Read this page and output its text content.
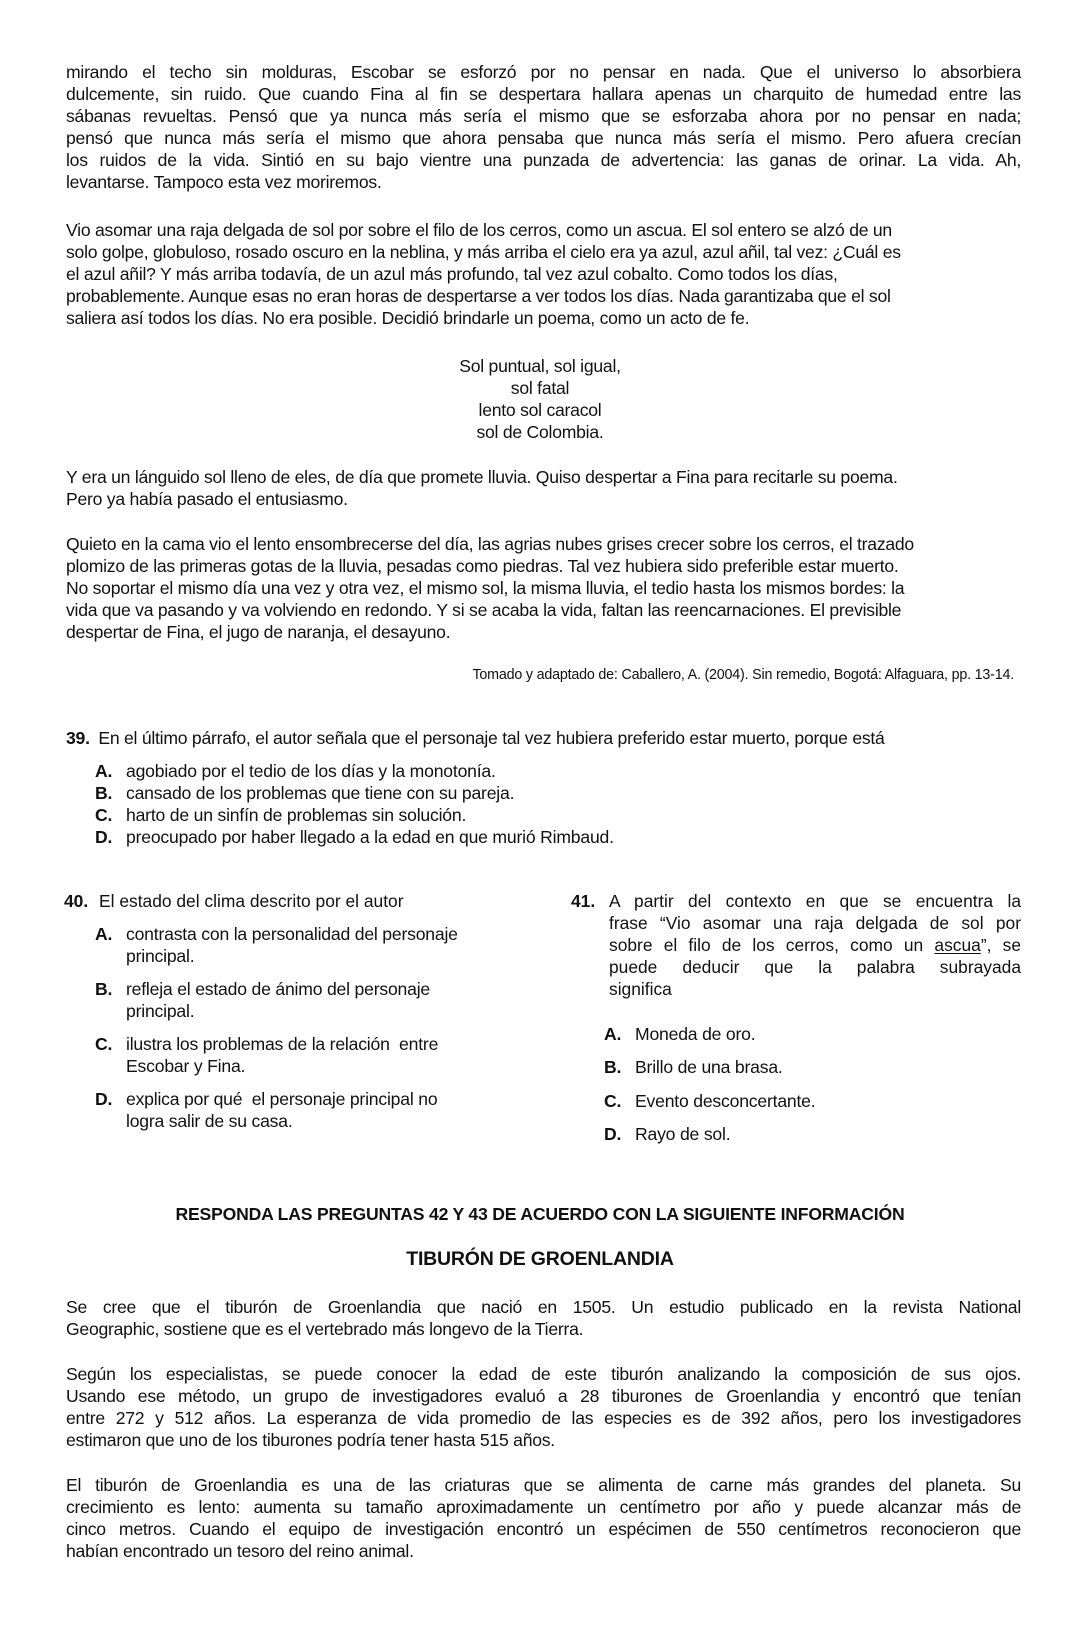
mirando el techo sin molduras, Escobar se esforzó por no pensar en nada. Que el universo lo absorbiera
dulcemente, sin ruido. Que cuando Fina al fin se despertara hallara apenas un charquito de humedad entre las
sábanas revueltas. Pensó que ya nunca más sería el mismo que se esforzaba ahora por no pensar en nada;
pensó que nunca más sería el mismo que ahora pensaba que nunca más sería el mismo. Pero afuera crecían
los ruidos de la vida. Sintió en su bajo vientre una punzada de advertencia: las ganas de orinar. La vida. Ah,
levantarse. Tampoco esta vez moriremos.
Vio asomar una raja delgada de sol por sobre el filo de los cerros, como un ascua. El sol entero se alzó de un
solo golpe, globuloso, rosado oscuro en la neblina, y más arriba el cielo era ya azul, azul añil, tal vez: ¿Cuál es
el azul añil? Y más arriba todavía, de un azul más profundo, tal vez azul cobalto. Como todos los días,
probablemente. Aunque esas no eran horas de despertarse a ver todos los días. Nada garantizaba que el sol
saliera así todos los días. No era posible. Decidió brindarle un poema, como un acto de fe.
Sol puntual, sol igual,
sol fatal
lento sol caracol
sol de Colombia.
Y era un lánguido sol lleno de eles, de día que promete lluvia. Quiso despertar a Fina para recitarle su poema.
Pero ya había pasado el entusiasmo.
Quieto en la cama vio el lento ensombrecerse del día, las agrias nubes grises crecer sobre los cerros, el trazado
plomizo de las primeras gotas de la lluvia, pesadas como piedras. Tal vez hubiera sido preferible estar muerto.
No soportar el mismo día una vez y otra vez, el mismo sol, la misma lluvia, el tedio hasta los mismos bordes: la
vida que va pasando y va volviendo en redondo. Y si se acaba la vida, faltan las reencarnaciones. El previsible
despertar de Fina, el jugo de naranja, el desayuno.
Tomado y adaptado de: Caballero, A. (2004). Sin remedio, Bogotá: Alfaguara, pp. 13-14.
39. En el último párrafo, el autor señala que el personaje tal vez hubiera preferido estar muerto, porque está
A. agobiado por el tedio de los días y la monotonía.
B. cansado de los problemas que tiene con su pareja.
C. harto de un sinfín de problemas sin solución.
D. preocupado por haber llegado a la edad en que murió Rimbaud.
40. El estado del clima descrito por el autor
A. contrasta con la personalidad del personaje
principal.
B. refleja el estado de ánimo del personaje
principal.
C. ilustra los problemas de la relación  entre
Escobar y Fina.
D. explica por qué  el personaje principal no
logra salir de su casa.
41. A partir del contexto en que se encuentra la
frase “Vio asomar una raja delgada de sol por
sobre el filo de los cerros, como un ascua”, se
puede deducir que la palabra subrayada
significa
A. Moneda de oro.
B. Brillo de una brasa.
C. Evento desconcertante.
D. Rayo de sol.
RESPONDA LAS PREGUNTAS 42 Y 43 DE ACUERDO CON LA SIGUIENTE INFORMACIÓN
TIBURÓN DE GROENLANDIA
Se cree que el tiburón de Groenlandia que nació en 1505. Un estudio publicado en la revista National
Geographic, sostiene que es el vertebrado más longevo de la Tierra.
Según los especialistas, se puede conocer la edad de este tiburón analizando la composición de sus ojos.
Usando ese método, un grupo de investigadores evaluó a 28 tiburones de Groenlandia y encontró que tenían
entre 272 y 512 años. La esperanza de vida promedio de las especies es de 392 años, pero los investigadores
estimaron que uno de los tiburones podría tener hasta 515 años.
El tiburón de Groenlandia es una de las criaturas que se alimenta de carne más grandes del planeta. Su
crecimiento es lento: aumenta su tamaño aproximadamente un centímetro por año y puede alcanzar más de
cinco metros. Cuando el equipo de investigación encontró un espécimen de 550 centímetros reconocieron que
habían encontrado un tesoro del reino animal.
